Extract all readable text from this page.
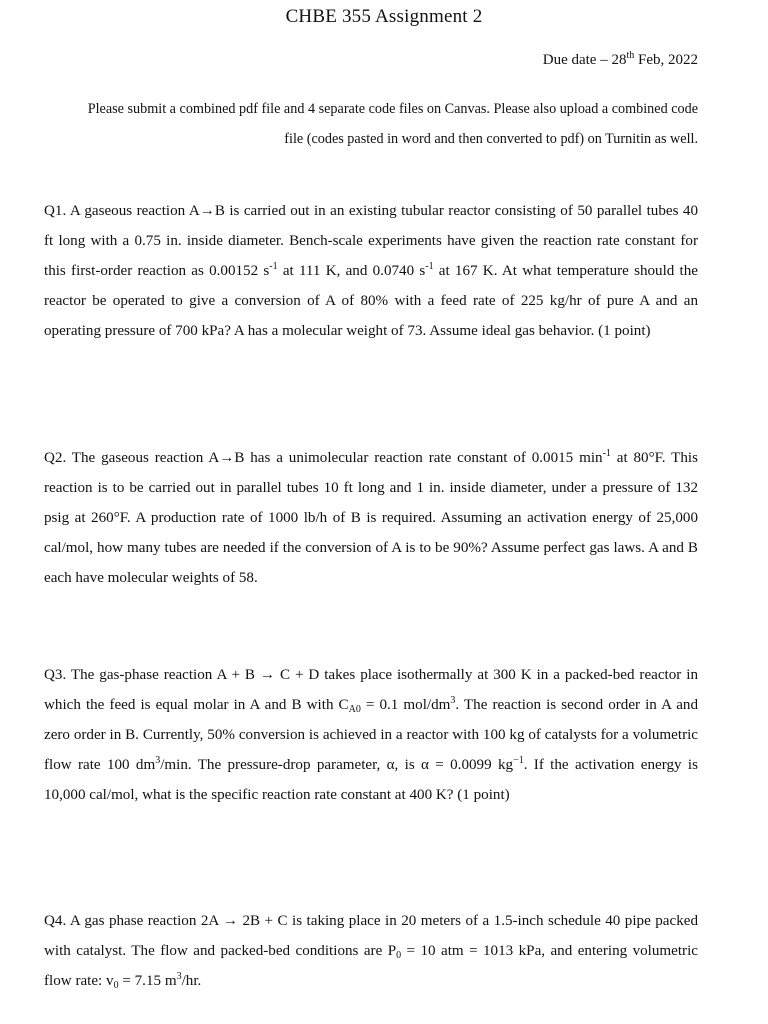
CHBE 355 Assignment 2
Due date – 28th Feb, 2022
Please submit a combined pdf file and 4 separate code files on Canvas. Please also upload a combined code file (codes pasted in word and then converted to pdf) on Turnitin as well.
Q1. A gaseous reaction A→B is carried out in an existing tubular reactor consisting of 50 parallel tubes 40 ft long with a 0.75 in. inside diameter. Bench-scale experiments have given the reaction rate constant for this first-order reaction as 0.00152 $s^{-1}$ at 111 K, and 0.0740 $s^{-1}$ at 167 K. At what temperature should the reactor be operated to give a conversion of A of 80% with a feed rate of 225 kg/hr of pure A and an operating pressure of 700 kPa? A has a molecular weight of 73. Assume ideal gas behavior. (1 point)
Q2. The gaseous reaction A→B has a unimolecular reaction rate constant of 0.0015 $\min^{-1}$ at 80°F. This reaction is to be carried out in parallel tubes 10 ft long and 1 in. inside diameter, under a pressure of 132 psig at 260°F. A production rate of 1000 lb/h of B is required. Assuming an activation energy of 25,000 cal/mol, how many tubes are needed if the conversion of A is to be 90%? Assume perfect gas laws. A and B each have molecular weights of 58.
Q3. The gas-phase reaction A + B → C + D takes place isothermally at 300 K in a packed-bed reactor in which the feed is equal molar in A and B with $C_{A0} = 0.1$ mol/$dm^3$. The reaction is second order in A and zero order in B. Currently, 50% conversion is achieved in a reactor with 100 kg of catalysts for a volumetric flow rate 100 $dm^3/\min$. The pressure-drop parameter, α, is α = 0.0099 $kg^{-1}$. If the activation energy is 10,000 cal/mol, what is the specific reaction rate constant at 400 K? (1 point)
Q4. A gas phase reaction 2A → 2B + C is taking place in 20 meters of a 1.5-inch schedule 40 pipe packed with catalyst. The flow and packed-bed conditions are $P_0 = 10$ atm = 1013 kPa, and entering volumetric flow rate: $v_0 = 7.15$ $m^3/hr$.
